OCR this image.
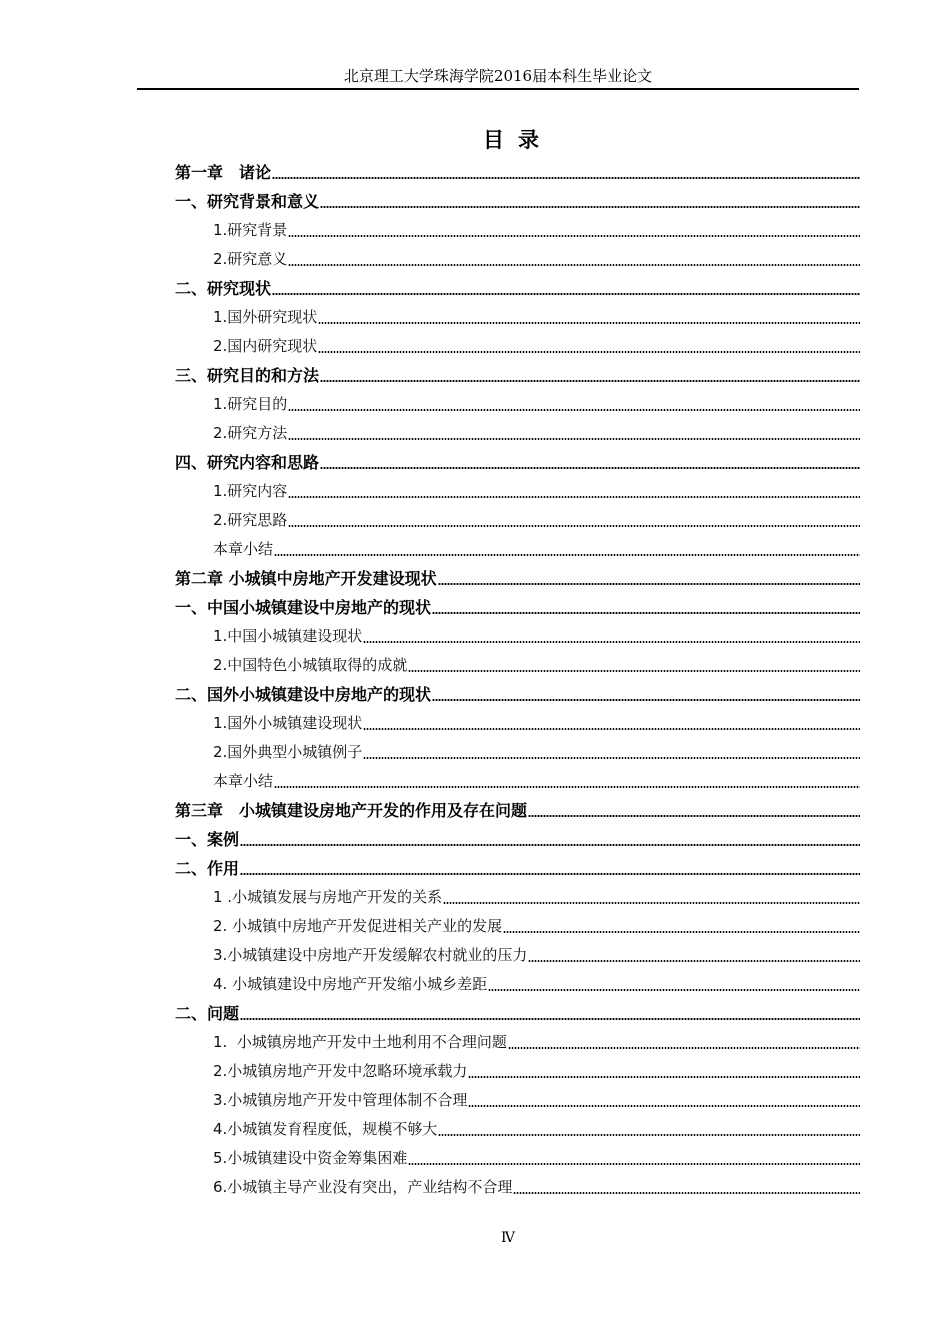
北京理工大学珠海学院2016届本科生毕业论文
目录
第一章　诸论
一、研究背景和意义
1.研究背景
2.研究意义
二、研究现状
1.国外研究现状
2.国内研究现状
三、研究目的和方法
1.研究目的
2.研究方法
四、研究内容和思路
1.研究内容
2.研究思路
本章小结
第二章 小城镇中房地产开发建设现状
一、中国小城镇建设中房地产的现状
1.中国小城镇建设现状
2.中国特色小城镇取得的成就
二、国外小城镇建设中房地产的现状
1.国外小城镇建设现状
2.国外典型小城镇例子
本章小结
第三章　小城镇建设房地产开发的作用及存在问题
一、案例
二、作用
1 .小城镇发展与房地产开发的关系
2. 小城镇中房地产开发促进相关产业的发展
3.小城镇建设中房地产开发缓解农村就业的压力
4. 小城镇建设中房地产开发缩小城乡差距
二、问题
1.  小城镇房地产开发中土地利用不合理问题
2.小城镇房地产开发中忽略环境承载力
3.小城镇房地产开发中管理体制不合理
4.小城镇发育程度低，规模不够大
5.小城镇建设中资金筹集困难
6.小城镇主导产业没有突出，产业结构不合理
Ⅳ
